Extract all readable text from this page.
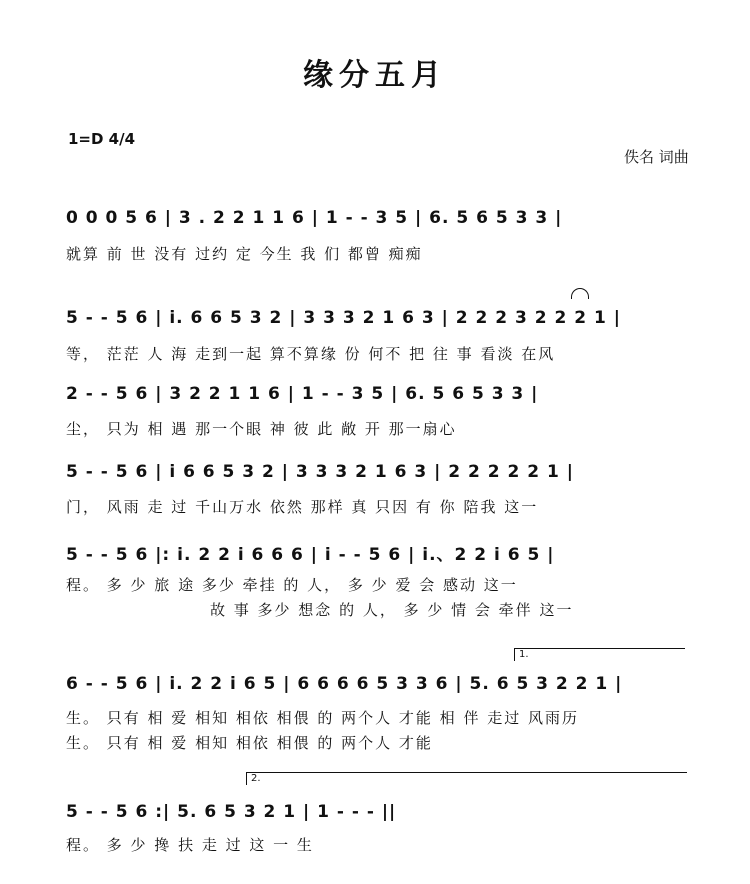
缘分五月
1=D 4/4
佚名 词曲
0 0 0 5 6 | 3 . 2 2 1 1 6 | 1 - - 3 5 | 6. 5 6 5 3 3 |
就算 前 世 没有 过约 定 今生 我 们 都曾 痴痴
5 - - 5 6 | i. 6 6 5 3 2 | 3 3 3 2 1 6 3 | 2 2 2 3 2 2 2 1 |
等， 茫茫 人 海 走到一起 算不算缘 份 何不 把 往 事 看淡 在风
2 - - 5 6 | 3 2 2 1 1 6 | 1 - - 3 5 | 6. 5 6 5 3 3 |
尘， 只为 相 遇 那一个眼 神 彼 此 敞 开 那一扇心
5 - - 5 6 | i 6 6 5 3 2 | 3 3 3 2 1 6 3 | 2 2 2 2 2 1 |
门， 风雨 走 过 千山万水 依然 那样 真 只因 有 你 陪我 这一
5 - - 5 6 |: i. 2 2 i 6 6 6 | i - - 5 6 | i.、2 2 i 6 5 |
程。 多 少 旅 途 多少 牵挂 的 人， 多 少 爱 会 感动 这一
故 事 多少 想念 的 人， 多 少 情 会 牵伴 这一
1.
6 - - 5 6 | i. 2 2 i 6 5 | 6 6 6 6 5 3 3 6 | 5. 6 5 3 2 2 1 |
生。 只有 相 爱 相知 相依 相偎 的 两个人 才能 相 伴 走过 风雨历
生。 只有 相 爱 相知 相依 相偎 的 两个人 才能
2.
5 - - 5 6 :| 5. 6 5 3 2 1 | 1 - - - ||
程。 多 少 搀 扶 走 过 这 一 生
